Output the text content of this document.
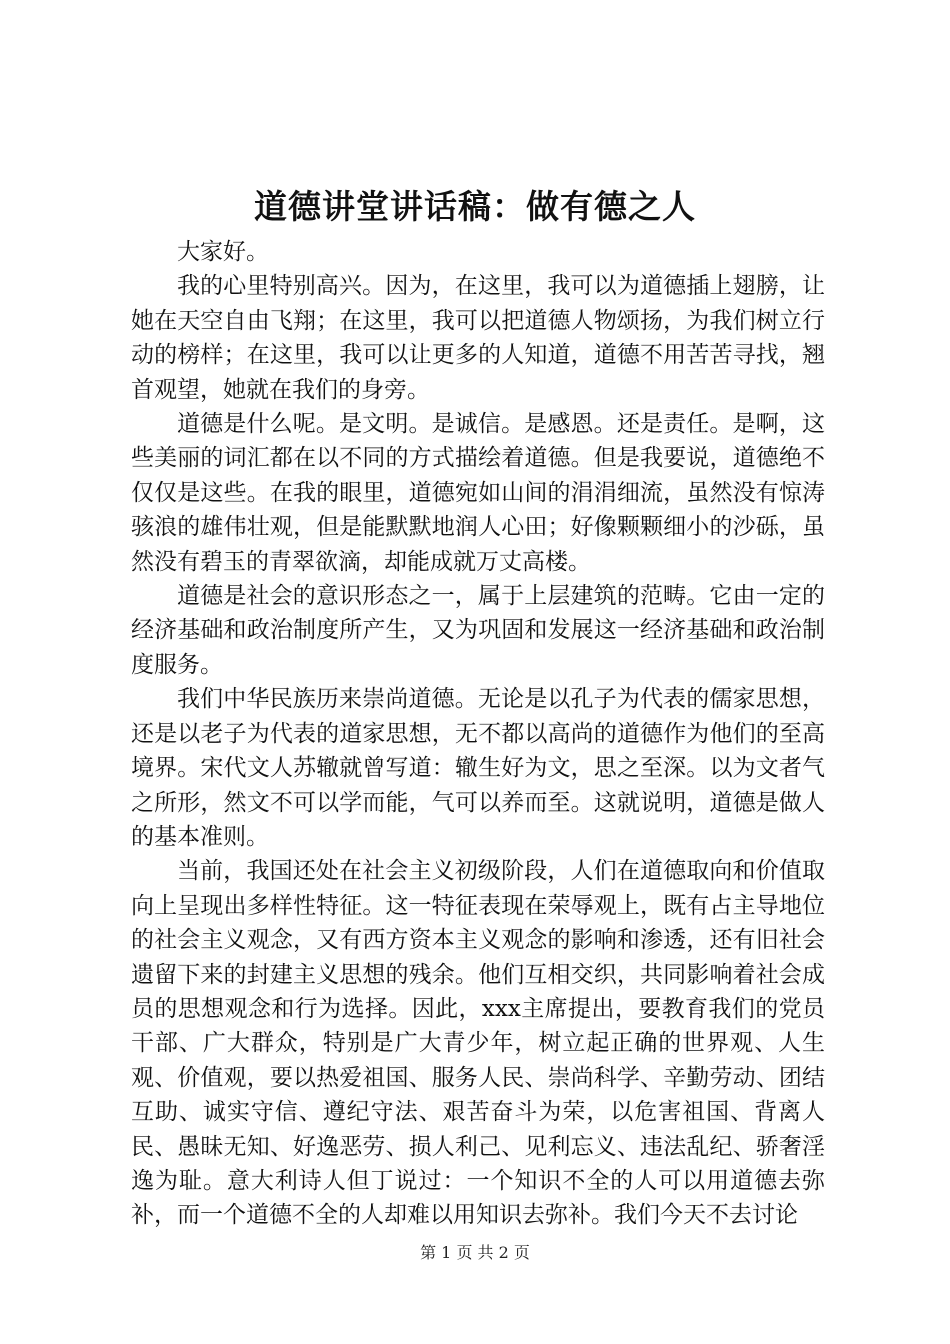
道德讲堂讲话稿：做有德之人

大家好。

我的心里特别高兴。因为，在这里，我可以为道德插上翅膀，让她在天空自由飞翔；在这里，我可以把道德人物颂扬，为我们树立行动的榜样；在这里，我可以让更多的人知道，道德不用苦苦寻找，翘首观望，她就在我们的身旁。

道德是什么呢。是文明。是诚信。是感恩。还是责任。是啊，这些美丽的词汇都在以不同的方式描绘着道德。但是我要说，道德绝不仅仅是这些。在我的眼里，道德宛如山间的涓涓细流，虽然没有惊涛骇浪的雄伟壮观，但是能默默地润人心田；好像颗颗细小的沙砾，虽然没有碧玉的青翠欲滴，却能成就万丈高楼。

道德是社会的意识形态之一，属于上层建筑的范畴。它由一定的经济基础和政治制度所产生，又为巩固和发展这一经济基础和政治制度服务。

我们中华民族历来崇尚道德。无论是以孔子为代表的儒家思想，还是以老子为代表的道家思想，无不都以高尚的道德作为他们的至高境界。宋代文人苏辙就曾写道：辙生好为文，思之至深。以为文者气之所形，然文不可以学而能，气可以养而至。这就说明，道德是做人的基本准则。

当前，我国还处在社会主义初级阶段，人们在道德取向和价值取向上呈现出多样性特征。这一特征表现在荣辱观上，既有占主导地位的社会主义观念，又有西方资本主义观念的影响和渗透，还有旧社会遗留下来的封建主义思想的残余。他们互相交织，共同影响着社会成员的思想观念和行为选择。因此，xxx主席提出，要教育我们的党员干部、广大群众，特别是广大青少年，树立起正确的世界观、人生观、价值观，要以热爱祖国、服务人民、崇尚科学、辛勤劳动、团结互助、诚实守信、遵纪守法、艰苦奋斗为荣，以危害祖国、背离人民、愚昧无知、好逸恶劳、损人利己、见利忘义、违法乱纪、骄奢淫逸为耻。意大利诗人但丁说过：一个知识不全的人可以用道德去弥补，而一个道德不全的人却难以用知识去弥补。我们今天不去讨论

第 1 页 共 2 页
